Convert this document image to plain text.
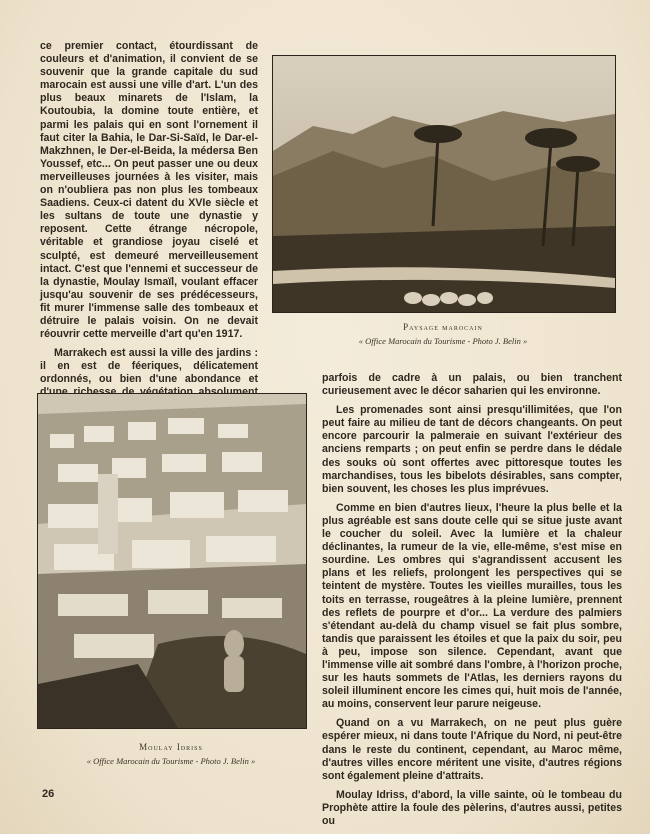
ce premier contact, étourdissant de couleurs et d'animation, il convient de se souvenir que la grande capitale du sud marocain est aussi une ville d'art. L'un des plus beaux minarets de l'Islam, la Koutoubia, la domine toute entière, et parmi les palais qui en sont l'ornement il faut citer la Bahia, le Dar-Si-Saïd, le Dar-el-Makzhnen, le Der-el-Beida, la médersa Ben Youssef, etc... On peut passer une ou deux merveilleuses journées à les visiter, mais on n'oubliera pas non plus les tombeaux Saadiens. Ceux-ci datent du XVIe siècle et les sultans de toute une dynastie y reposent. Cette étrange nécropole, véritable et grandiose joyau ciselé et sculpté, est demeuré merveilleusement intact. C'est que l'ennemi et successeur de la dynastie, Moulay Ismaïl, voulant effacer jusqu'au souvenir de ses prédécesseurs, fit murer l'immense salle des tombeaux et détruire le palais voisin. On ne devait réouvrir cette merveille d'art qu'en 1917.

Marrakech est aussi la ville des jardins : il en est de féeriques, délicatement ordonnés, ou bien d'une abondance et

Paysage marocain
« Office Marocain du Tourisme - Photo J. Belin »
Moulay Idriss
« Office Marocain du Tourisme - Photo J. Belin »

parfois de cadre à un palais, ou bien tranchent curieusement avec le décor saharien qui les environne.

Les promenades sont ainsi presqu'illimitées, que l'on peut faire au milieu de tant de décors changeants. On peut encore parcourir la palmeraie en suivant l'extérieur des anciens remparts ; on peut enfin se perdre dans le dédale des souks où sont offertes avec pittoresque toutes les marchandises, tous les bibelots désirables, sans compter, bien souvent, les choses les plus imprévues.

Comme en bien d'autres lieux, l'heure la plus belle et la plus agréable est sans doute celle qui se situe juste avant le coucher du soleil. Avec la lumière et la chaleur déclinantes, la rumeur de la vie, elle-même, s'est mise en sourdine. Les ombres qui s'agrandissent accusent les plans et les reliefs, prolongent les perspectives qui se teintent de mystère. Toutes les vieilles murailles, tous les toits en terrasse, rougeâtres à la pleine lumière, prennent des reflets de pourpre et d'or... La verdure des palmiers s'étendant au-delà du champ visuel se fait plus sombre, tandis que paraissent les étoiles et que la paix du soir, peu à peu, impose son silence. Cependant, avant que l'immense ville ait sombré dans l'ombre, à l'horizon proche, sur les hauts sommets de l'Atlas, les derniers rayons du soleil illuminent encore les cimes qui, huit mois de l'année, au moins, conservent leur parure neigeuse.

Quand on a vu Marrakech, on ne peut plus guère espérer mieux, ni dans toute l'Afrique du Nord, ni peut-être dans le reste du continent, cependant, au Maroc même, d'autres villes encore méritent une visite, d'autres régions sont également pleine d'attraits.

Moulay Idriss, d'abord, la ville sainte, où le tombeau du Prophète attire la foule des pèlerins, d'autres aussi, petites ou

26
